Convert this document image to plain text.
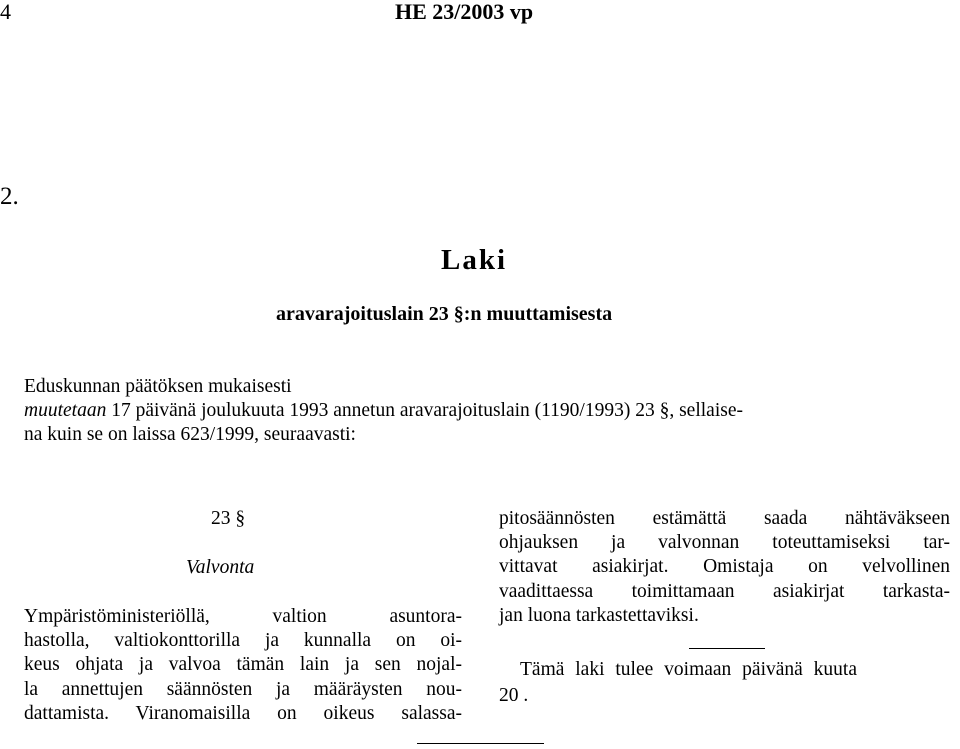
4	HE 23/2003 vp
2.
Laki
aravarajoituslain 23 §:n muuttamisesta
Eduskunnan päätöksen mukaisesti
muutetaan 17 päivänä joulukuuta 1993 annetun aravarajoituslain (1190/1993) 23 §, sellaise-
na kuin se on laissa 623/1999, seuraavasti:
23 §
Valvonta
Ympäristöministeriöllä, valtion asuntora-
hastolla, valtiokonttorilla ja kunnalla on oi-
keus ohjata ja valvoa tämän lain ja sen nojal-
la annettujen säännösten ja määräysten nou-
dattamista. Viranomaisilla on oikeus salassa-
pitosäännösten estämättä saada nähtäväkseen
ohjauksen ja valvonnan toteuttamiseksi tar-
vittavat asiakirjat. Omistaja on velvollinen
vaadittaessa toimittamaan asiakirjat tarkasta-
jan luona tarkastettaviksi.
Tämä laki tulee voimaan päivänä kuuta
20 .
